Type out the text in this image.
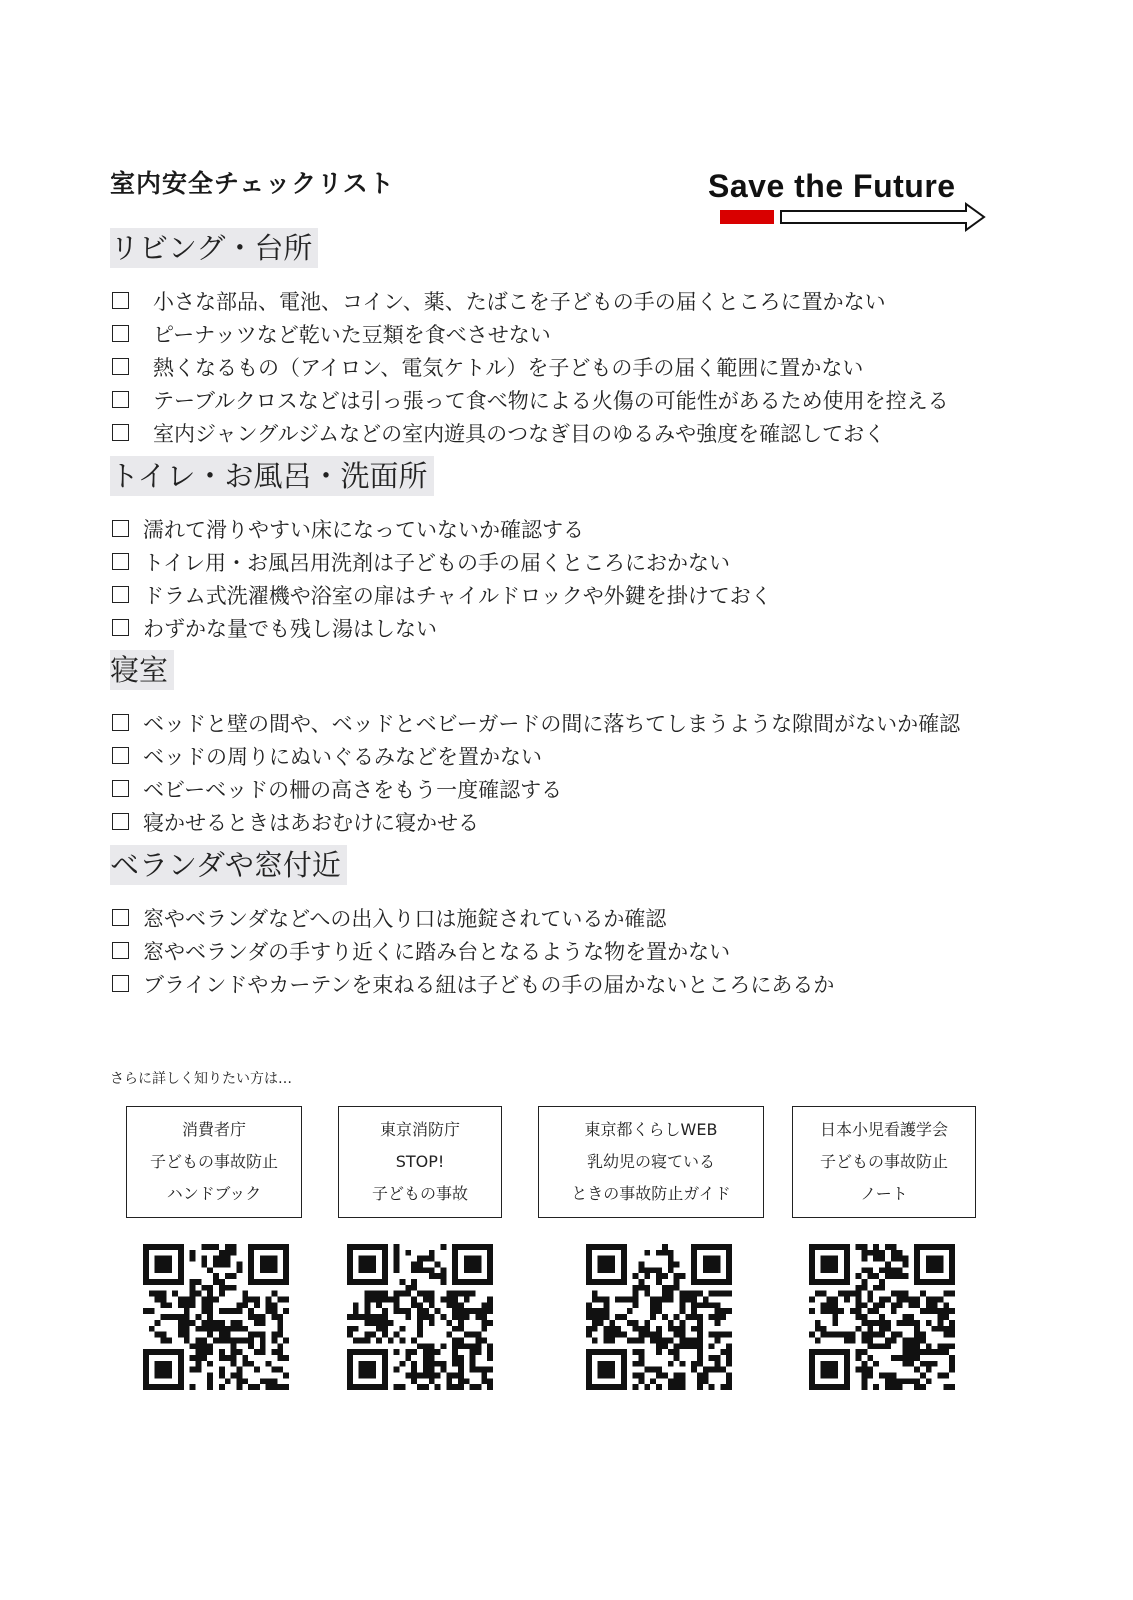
室内安全チェックリスト	Save the Future
リビング・台所
小さな部品、電池、コイン、薬、たばこを子どもの手の届くところに置かない
ピーナッツなど乾いた豆類を食べさせない
熱くなるもの（アイロン、電気ケトル）を子どもの手の届く範囲に置かない
テーブルクロスなどは引っ張って食べ物による火傷の可能性があるため使用を控える
室内ジャングルジムなどの室内遊具のつなぎ目のゆるみや強度を確認しておく
トイレ・お風呂・洗面所
濡れて滑りやすい床になっていないか確認する
トイレ用・お風呂用洗剤は子どもの手の届くところにおかない
ドラム式洗濯機や浴室の扉はチャイルドロックや外鍵を掛けておく
わずかな量でも残し湯はしない
寝室
ベッドと壁の間や、ベッドとベビーガードの間に落ちてしまうような隙間がないか確認
ベッドの周りにぬいぐるみなどを置かない
ベビーベッドの柵の高さをもう一度確認する
寝かせるときはあおむけに寝かせる
ベランダや窓付近
窓やベランダなどへの出入り口は施錠されているか確認
窓やベランダの手すり近くに踏み台となるような物を置かない
ブラインドやカーテンを束ねる紐は子どもの手の届かないところにあるか
さらに詳しく知りたい方は…
消費者庁
子どもの事故防止
ハンドブック
東京消防庁
STOP!
子どもの事故
東京都くらしWEB
乳幼児の寝ている
ときの事故防止ガイド
日本小児看護学会
子どもの事故防止
ノート
